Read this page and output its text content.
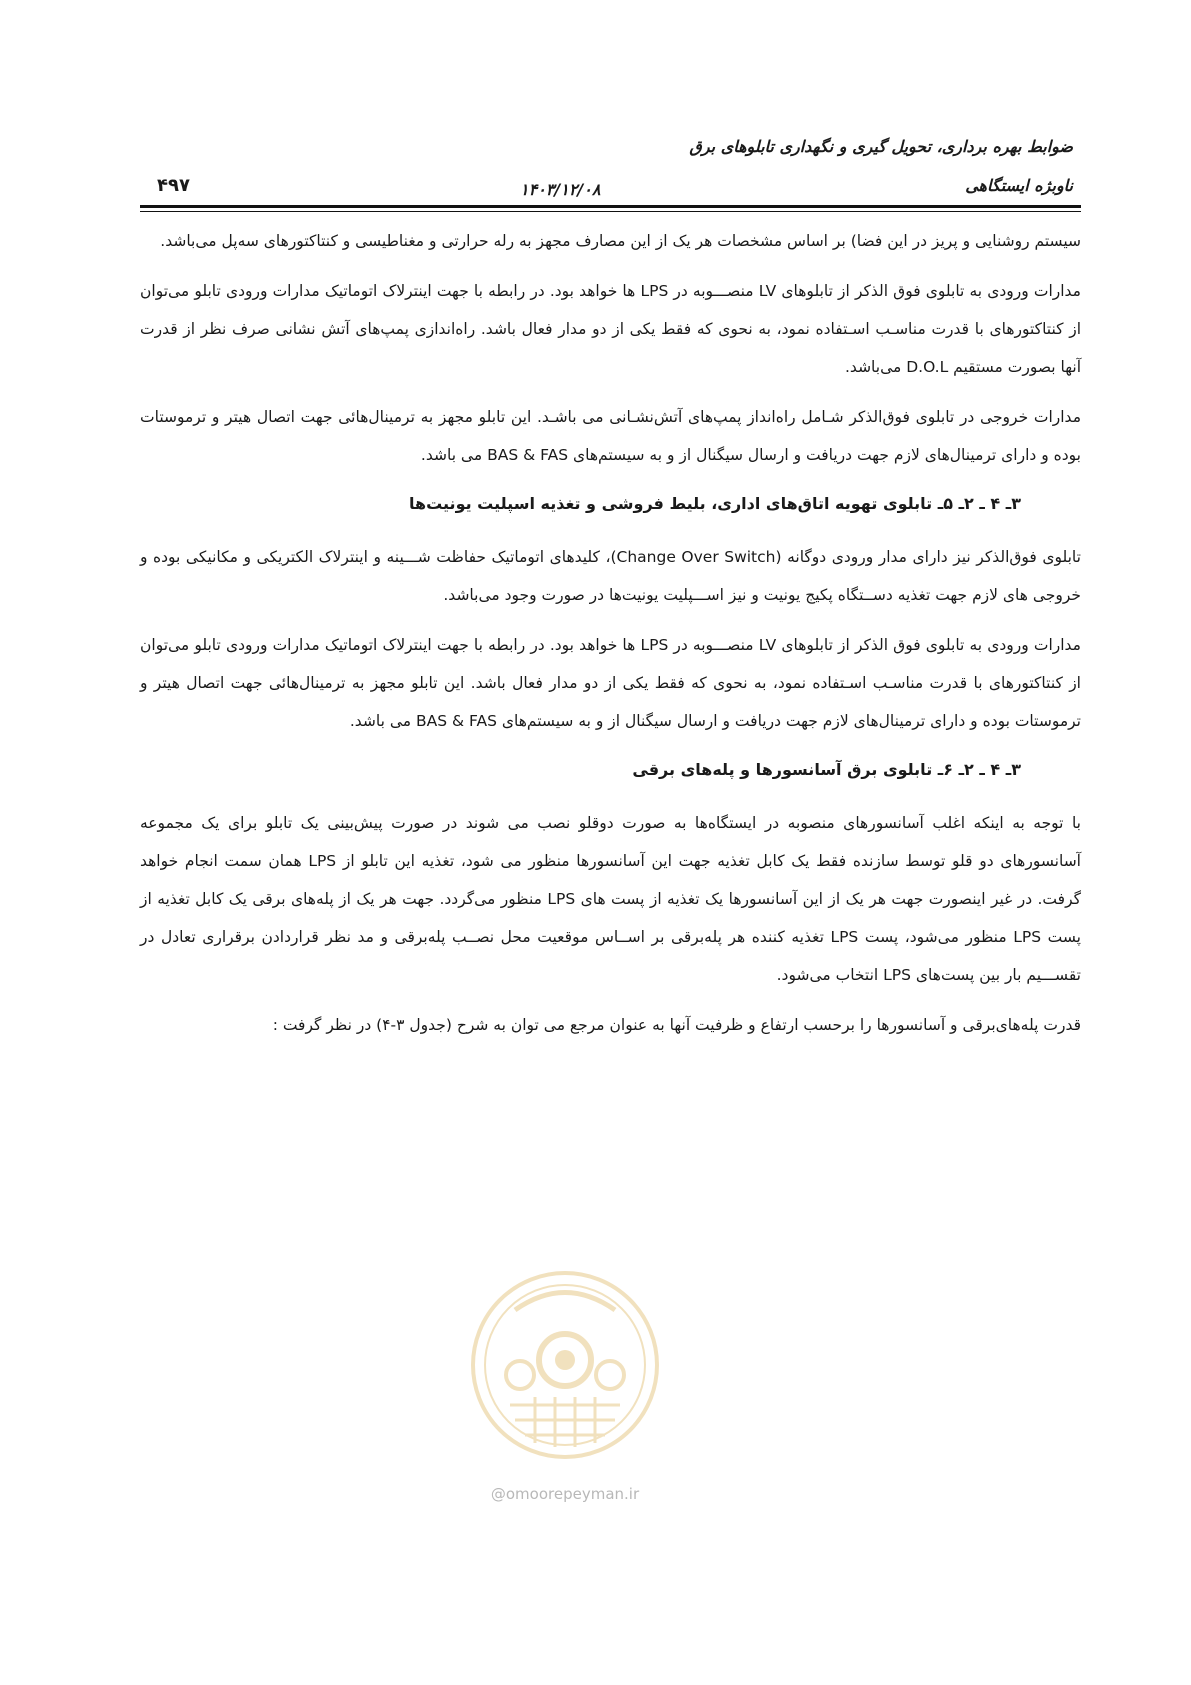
ضوابط بهره برداری، تحویل گیری و نگهداری تابلوهای برق
ناوبژه ایستگاهی
۱۴۰۳/۱۲/۰۸
۴۹۷

سیستم روشنایی و پریز در این فضا) بر اساس مشخصات هر یک از این مصارف مجهز به رله حرارتی و مغناطیسی و کنتاکتورهای سه‌پل می‌باشد.

مدارات ورودی به تابلوی فوق الذکر از تابلوهای LV منصـــوبه در LPS ها خواهد بود. در رابطه با جهت اینترلاک اتوماتیک مدارات ورودی تابلو می‌توان از کنتاکتورهای با قدرت مناسـب اسـتفاده نمود، به نحوی که فقط یکی از دو مدار فعال باشد. راه‌اندازی پمپ‌های آتش نشانی صرف نظر از قدرت آنها بصورت مستقیم D.O.L می‌باشد.

مدارات خروجی در تابلوی فوق‌الذکر شـامل راه‌انداز پمپ‌های آتش‌نشـانی می باشـد. این تابلو مجهز به ترمینال‌هائی جهت اتصال هیتر و ترموستات بوده و دارای ترمینال‌های لازم جهت دریافت و ارسال سیگنال از و به سیستم‌های BAS & FAS می باشد.

۳ـ ۴ ـ ۲ـ ۵ـ تابلوی تهویه اتاق‌های اداری، بلیط فروشی و تغذیه اسپلیت یونیت‌ها

تابلوی فوق‌الذکر نیز دارای مدار ورودی دوگانه (Change Over Switch)، کلیدهای اتوماتیک حفاظت شـــینه و اینترلاک الکتریکی و مکانیکی بوده و خروجی های لازم جهت تغذیه دســتگاه پکیج یونیت و نیز اســـپلیت یونیت‌ها در صورت وجود می‌باشد.

مدارات ورودی به تابلوی فوق الذکر از تابلوهای LV منصـــوبه در LPS ها خواهد بود. در رابطه با جهت اینترلاک اتوماتیک مدارات ورودی تابلو می‌توان از کنتاکتورهای با قدرت مناسـب اسـتفاده نمود، به نحوی که فقط یکی از دو مدار فعال باشد. این تابلو مجهز به ترمینال‌هائی جهت اتصال هیتر و ترموستات بوده و دارای ترمینال‌های لازم جهت دریافت و ارسال سیگنال از و به سیستم‌های BAS & FAS می باشد.

۳ـ ۴ ـ ۲ـ ۶ـ تابلوی برق آسانسورها و پله‌های برقی

با توجه به اینکه اغلب آسانسورهای منصوبه در ایستگاه‌ها به صورت دوقلو نصب می شوند در صورت پیش‌بینی یک تابلو برای یک مجموعه آسانسورهای دو قلو توسط سازنده فقط یک کابل تغذیه جهت این آسانسورها منظور می شود، تغذیه این تابلو از LPS همان سمت انجام خواهد گرفت. در غیر اینصورت جهت هر یک از این آسانسورها یک تغذیه از پست های LPS منظور می‌گردد. جهت هر یک از پله‌های برقی یک کابل تغذیه از پست LPS منظور می‌شود، پست LPS تغذیه کننده هر پله‌برقی بر اســاس موقعیت محل نصــب پله‌برقی و مد نظر قراردادن برقراری تعادل در تقســـیم بار بین پست‌های LPS انتخاب می‌شود.

قدرت پله‌های‌برقی و آسانسورها را برحسب ارتفاع و ظرفیت آنها به عنوان مرجع می توان به شرح (جدول ۳-۴) در نظر گرفت :

@omoorepeyman.ir
